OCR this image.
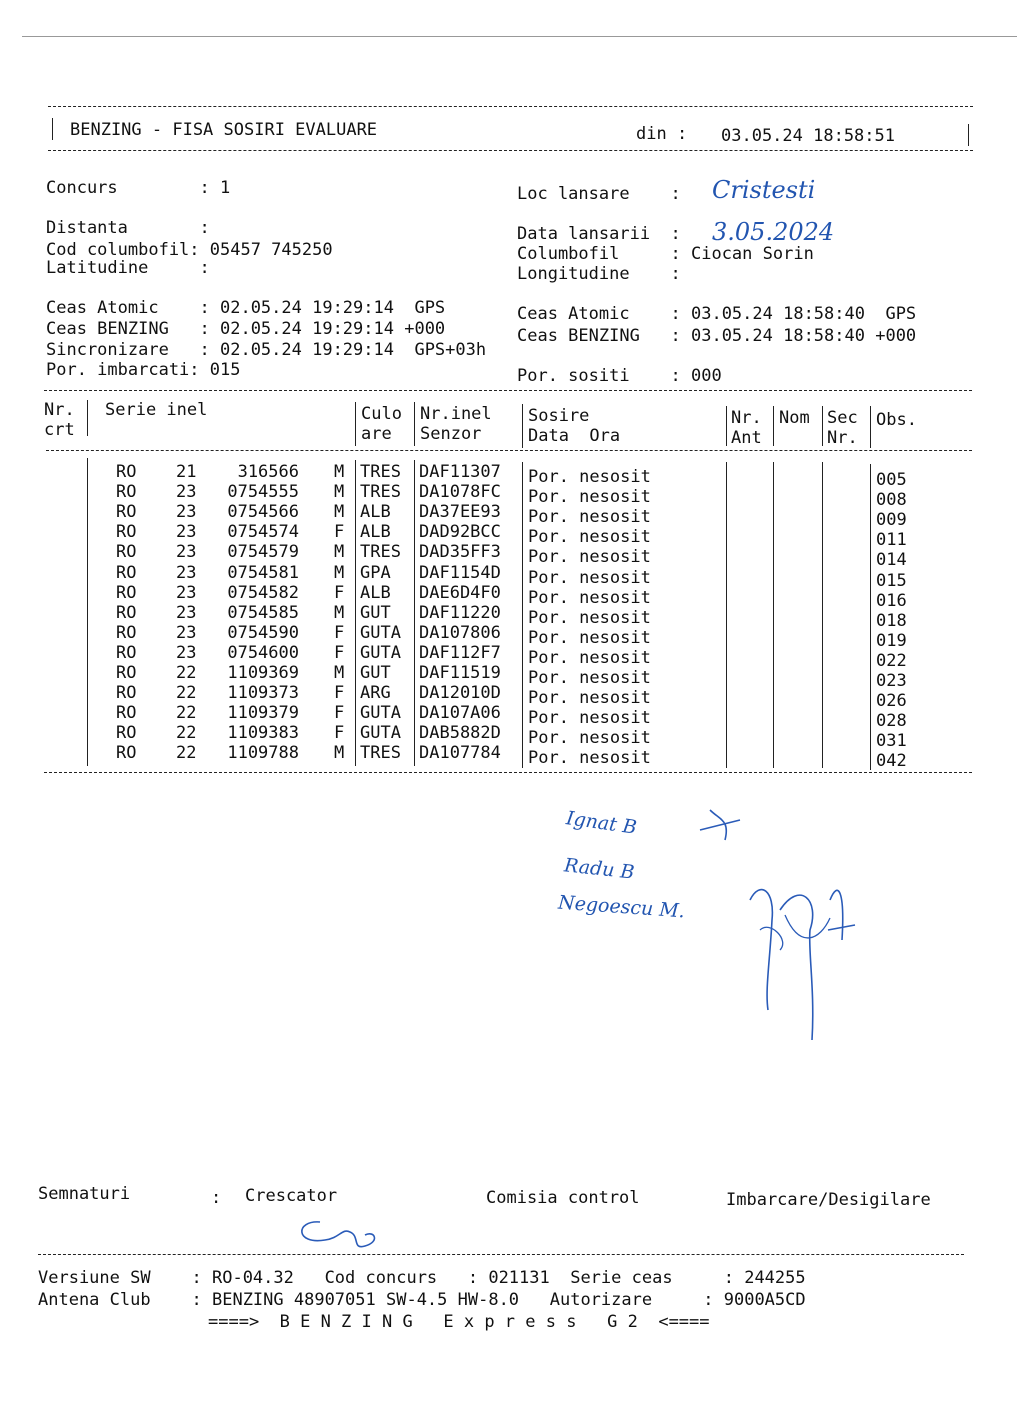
BENZING - FISA SOSIRI EVALUARE	din : 03.05.24 18:58:51
Concurs        : 1
Distanta       :
Cod columbofil: 05457 745250
Latitudine     :
Loc lansare    : Cristesti
Data lansarii  : 3.05.2024
Columbofil     : Ciocan Sorin
Longitudine    :
Ceas Atomic    : 02.05.24 19:29:14  GPS
Ceas BENZING   : 02.05.24 19:29:14 +000
Sincronizare   : 02.05.24 19:29:14  GPS+03h
Por. imbarcati: 015
Ceas Atomic    : 03.05.24 18:58:40  GPS
Ceas BENZING   : 03.05.24 18:58:40 +000
Por. sositi    : 000
Nr.
crt
Serie inel	Culo
are
Nr.inel
Senzor
Sosire
Data  Ora
Nr.
Ant
Nom Sec
Nr.
Obs.
RO 21 316566 M TRES DAF11307 Por. nesosit	005
RO 23 0754555 M TRES DA1078FC Por. nesosit	008
RO 23 0754566 M ALB DA37EE93 Por. nesosit	009
RO 23 0754574 F ALB DAD92BCC Por. nesosit	011
RO 23 0754579 M TRES DAD35FF3 Por. nesosit	014
RO 23 0754581 M GPA DAF1154D Por. nesosit	015
RO 23 0754582 F ALB DAE6D4F0 Por. nesosit	016
RO 23 0754585 M GUT DAF11220 Por. nesosit	018
RO 23 0754590 F GUTA DA107806 Por. nesosit	019
RO 23 0754600 F GUTA DAF112F7 Por. nesosit	022
RO 22 1109369 M GUT DAF11519 Por. nesosit	023
RO 22 1109373 F ARG DA12010D Por. nesosit	026
RO 22 1109379 F GUTA DA107A06 Por. nesosit	028
RO 22 1109383 F GUTA DAB5882D Por. nesosit	031
RO 22 1109788 M TRES DA107784 Por. nesosit	042
Ignat B
Radu B
Negoescu M.
Semnaturi	: Crescator	Comisia control	Imbarcare/Desigilare
Versiune SW    : RO-04.32   Cod concurs   : 021131  Serie ceas     : 244255
Antena Club    : BENZING 48907051 SW-4.5 HW-8.0   Autorizare     : 9000A5CD
====>  B E N Z I N G   E x p r e s s   G 2  <====
